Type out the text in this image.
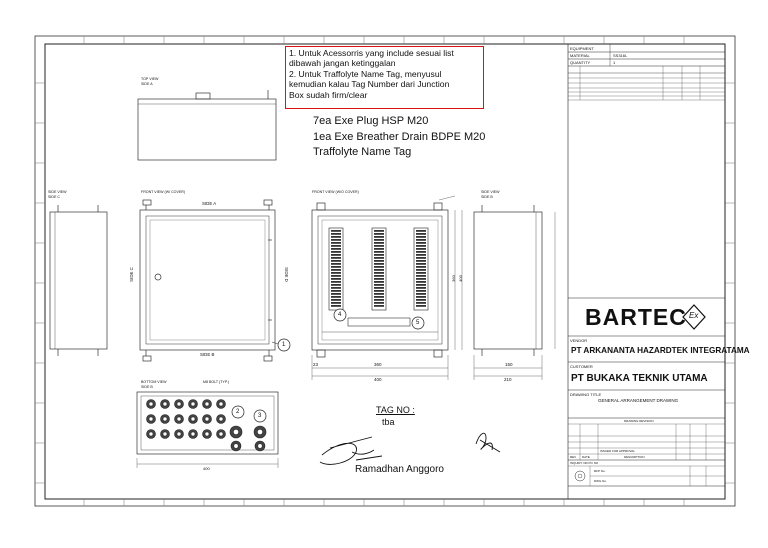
1. Untuk Acessorris yang include sesuai list
dibawah jangan ketinggalan
2. Untuk Traffolyte Name Tag, menyusul
kemudian kalau Tag Number dari Junction
Box sudah firm/clear
7ea Exe Plug HSP M20
1ea Exe Breather Drain BDPE M20
Traffolyte Name Tag
TAG NO :
tba
Ramadhan Anggoro
TOP VIEW
SIDE A
SIDE VIEW
SIDE C
FRONT VIEW (W/ COVER)
SIDE A
FRONT VIEW (W/O COVER)	SIDE VIEW
SIDE B
BOTTOM VIEW
SIDE B
M8 BOLT (TYP.)
SIDE B
SIDE C	SIDE D
360
400
150
210
23
400
360 400
1
2
3
4
5
EQUIPMENT
MATERIAL	SS316L
QUANTITY	1
BARTEC Ex
VENDOR
PT ARKANANTA HAZARDTEK INTEGRATAMA
CUSTOMER
PT BUKAKA TEKNIK UTAMA
DRAWING TITLE
GENERAL ARRANGEMENT DRAWING
DRAWING REVISION
ISSUED FOR APPROVAL
REV DATE	DESCRIPTION
INQUIRY OR PO NO
RFP No.
DWG No.
